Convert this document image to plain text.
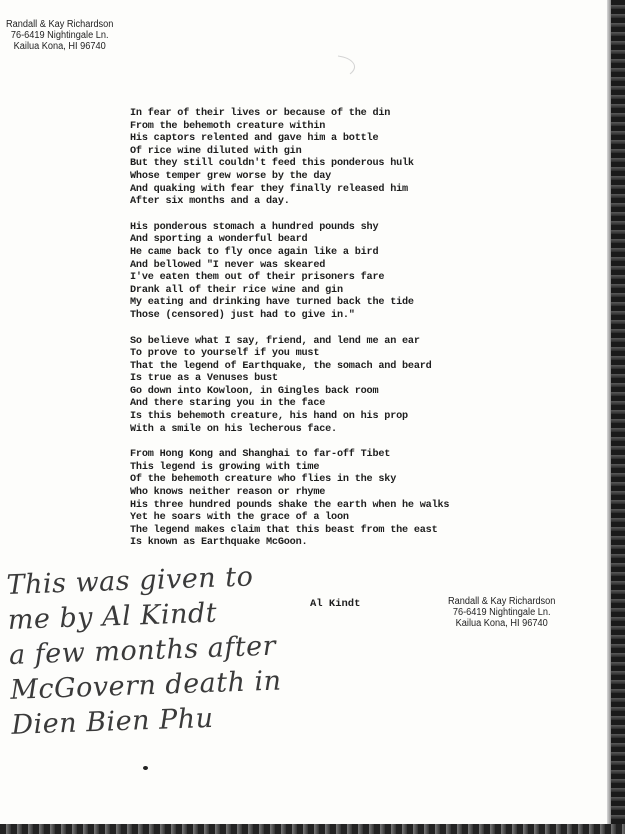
Randall & Kay Richardson
76-6419 Nightingale Ln.
Kailua Kona, HI 96740
In fear of their lives or because of the din
From the behemoth creature within
His captors relented and gave him a bottle
Of rice wine diluted with gin
But they still couldn't feed this ponderous hulk
Whose temper grew worse by the day
And quaking with fear they finally released him
After six months and a day.
His ponderous stomach a hundred pounds shy
And sporting a wonderful beard
He came back to fly once again like a bird
And bellowed "I never was skeared
I've eaten them out of their prisoners fare
Drank all of their rice wine and gin
My eating and drinking have turned back the tide
Those (censored) just had to give in."
So believe what I say, friend, and lend me an ear
To prove to yourself if you must
That the legend of Earthquake, the somach and beard
Is true as a Venuses bust
Go down into Kowloon, in Gingles back room
And there staring you in the face
Is this behemoth creature, his hand on his prop
With a smile on his lecherous face.
From Hong Kong and Shanghai to far-off Tibet
This legend is growing with time
Of the behemoth creature who flies in the sky
Who knows neither reason or rhyme
His three hundred pounds shake the earth when he walks
Yet he soars with the grace of a loon
The legend makes claim that this beast from the east
Is known as Earthquake McGoon.
Al Kindt	Randall & Kay Richardson
76-6419 Nightingale Ln.
Kailua Kona, HI 96740
This was given to
me by Al Kindt
a few months after
McGovern death in
Dien Bien Phu
